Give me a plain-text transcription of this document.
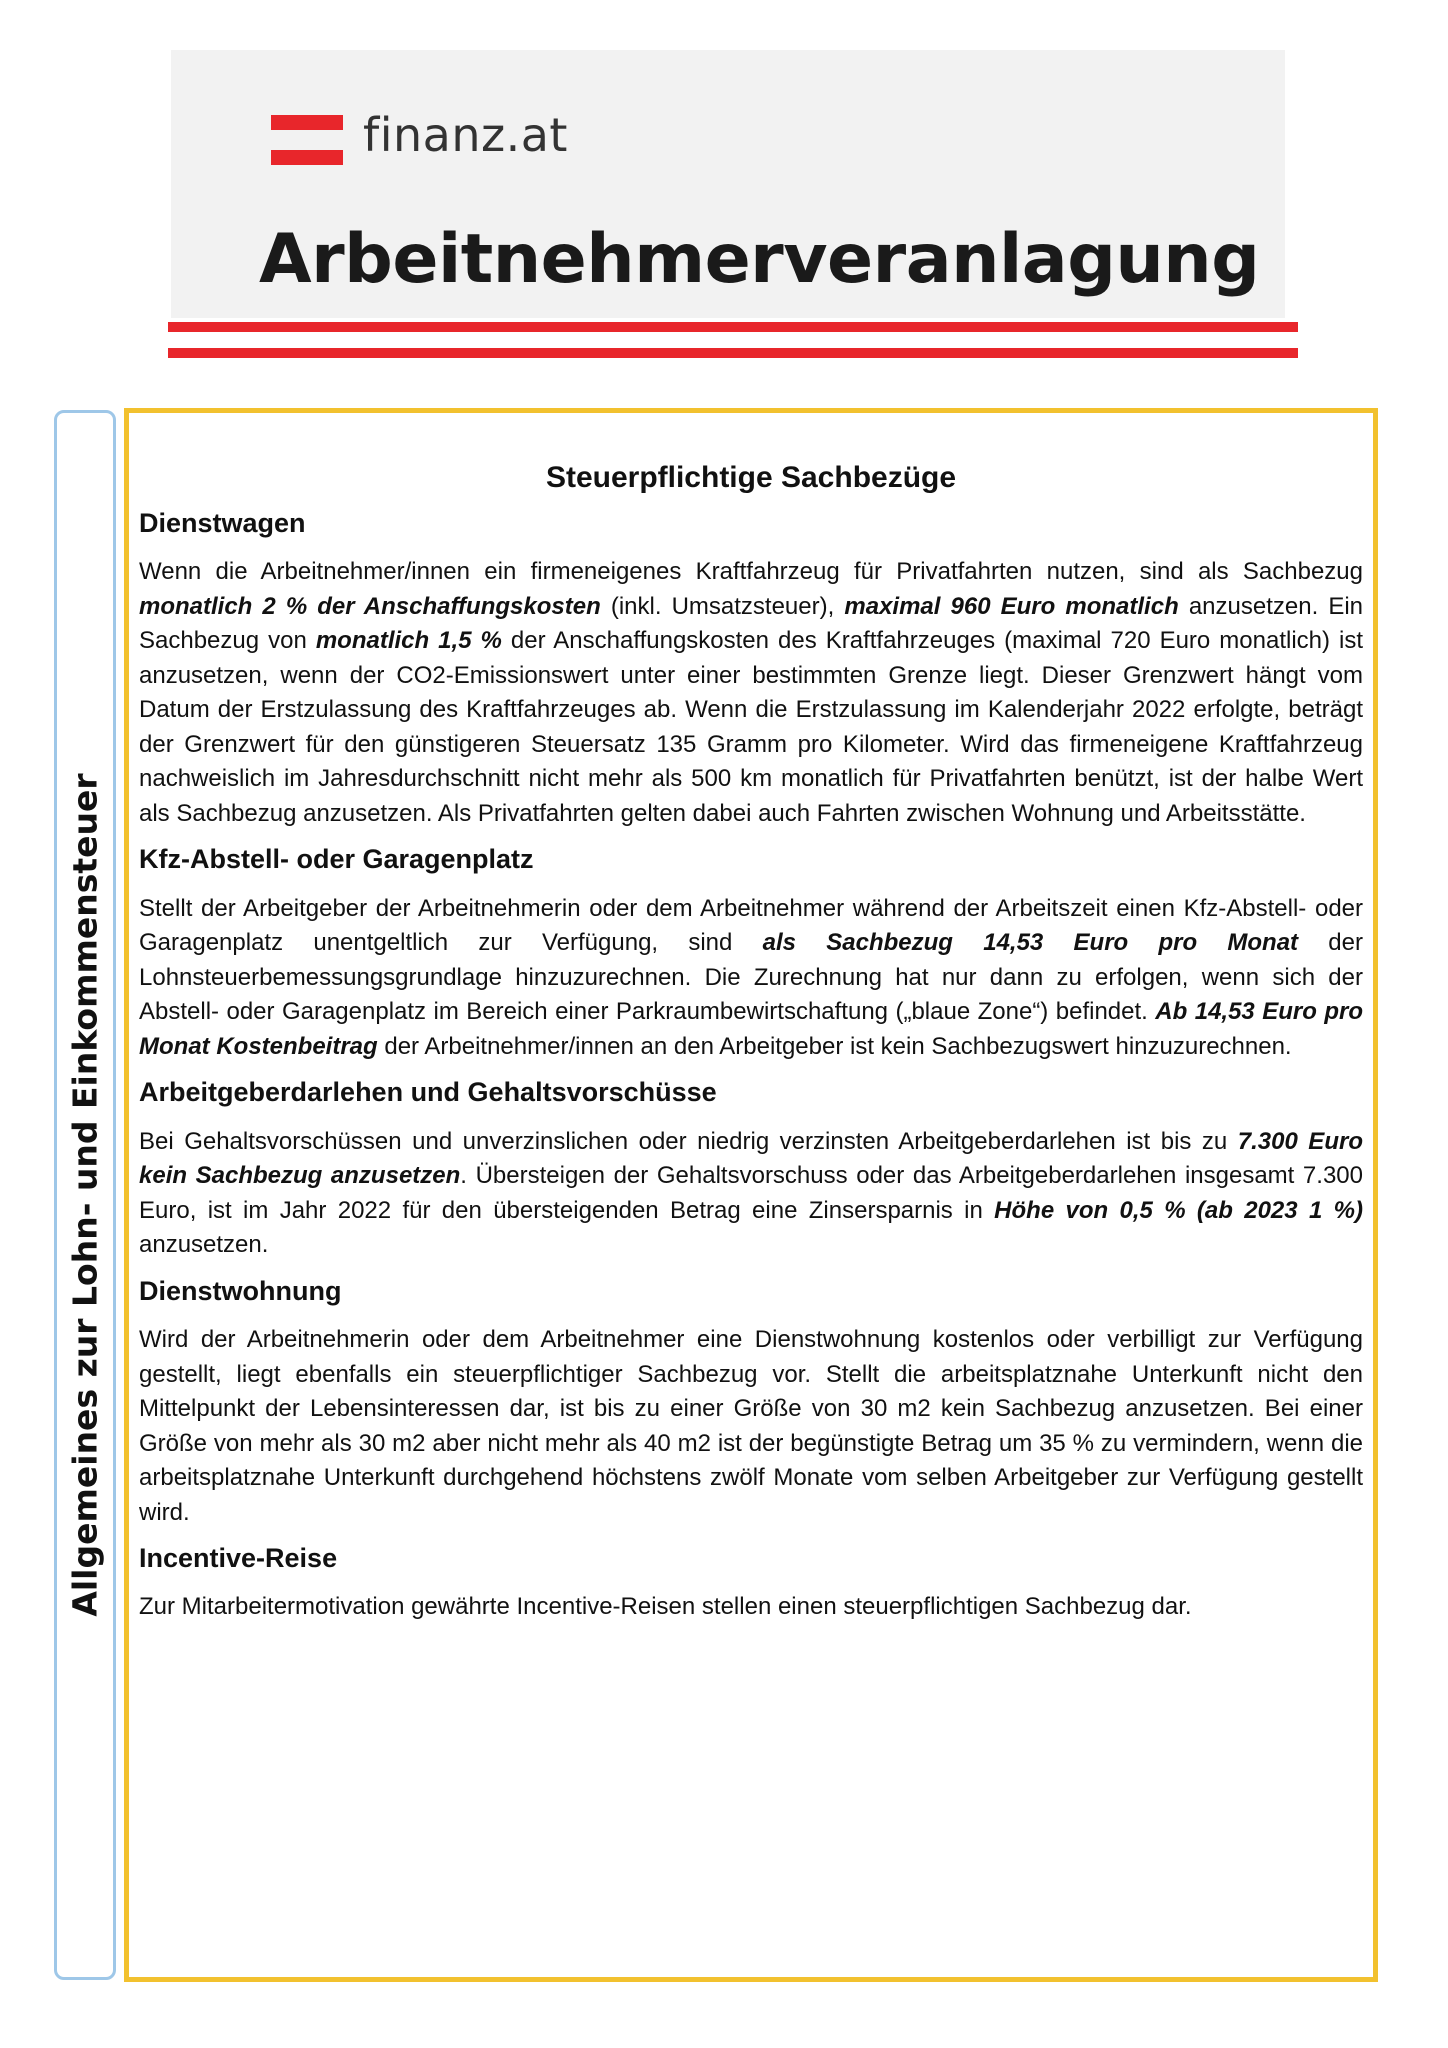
finanz.at
Arbeitnehmerveranlagung
Allgemeines zur Lohn- und Einkommensteuer
Steuerpflichtige Sachbezüge
Dienstwagen

Wenn die Arbeitnehmer/innen ein firmeneigenes Kraftfahrzeug für Privatfahrten nutzen, sind als Sachbezug monatlich 2 % der Anschaffungskosten (inkl. Umsatzsteuer), maximal 960 Euro monatlich anzusetzen. Ein Sachbezug von monatlich 1,5 % der Anschaffungskosten des Kraftfahrzeuges (maximal 720 Euro monatlich) ist anzusetzen, wenn der CO2-Emissionswert unter einer bestimmten Grenze liegt. Dieser Grenzwert hängt vom Datum der Erstzulassung des Kraftfahrzeuges ab. Wenn die Erstzulassung im Kalenderjahr 2022 erfolgte, beträgt der Grenzwert für den günstigeren Steuersatz 135 Gramm pro Kilometer. Wird das firmeneigene Kraftfahrzeug nachweislich im Jahresdurchschnitt nicht mehr als 500 km monatlich für Privatfahrten benützt, ist der halbe Wert als Sachbezug anzusetzen. Als Privatfahrten gelten dabei auch Fahrten zwischen Wohnung und Arbeitsstätte.

Kfz-Abstell- oder Garagenplatz

Stellt der Arbeitgeber der Arbeitnehmerin oder dem Arbeitnehmer während der Arbeitszeit einen Kfz-Abstell- oder Garagenplatz unentgeltlich zur Verfügung, sind als Sachbezug 14,53 Euro pro Monat der Lohnsteuerbemessungsgrundlage hinzuzurechnen. Die Zurechnung hat nur dann zu erfolgen, wenn sich der Abstell- oder Garagenplatz im Bereich einer Parkraumbewirtschaftung („blaue Zone“) befindet. Ab 14,53 Euro pro Monat Kostenbeitrag der Arbeitnehmer/innen an den Arbeitgeber ist kein Sachbezugswert hinzuzurechnen.

Arbeitgeberdarlehen und Gehaltsvorschüsse

Bei Gehaltsvorschüssen und unverzinslichen oder niedrig verzinsten Arbeitgeberdarlehen ist bis zu 7.300 Euro kein Sachbezug anzusetzen. Übersteigen der Gehaltsvorschuss oder das Arbeitgeberdarlehen insgesamt 7.300 Euro, ist im Jahr 2022 für den übersteigenden Betrag eine Zinsersparnis in Höhe von 0,5 % (ab 2023 1 %) anzusetzen.

Dienstwohnung

Wird der Arbeitnehmerin oder dem Arbeitnehmer eine Dienstwohnung kostenlos oder verbilligt zur Verfügung gestellt, liegt ebenfalls ein steuerpflichtiger Sachbezug vor. Stellt die arbeitsplatznahe Unterkunft nicht den Mittelpunkt der Lebensinteressen dar, ist bis zu einer Größe von 30 m2 kein Sachbezug anzusetzen. Bei einer Größe von mehr als 30 m2 aber nicht mehr als 40 m2 ist der begünstigte Betrag um 35 % zu vermindern, wenn die arbeitsplatznahe Unterkunft durchgehend höchstens zwölf Monate vom selben Arbeitgeber zur Verfügung gestellt wird.

Incentive-Reise

Zur Mitarbeitermotivation gewährte Incentive-Reisen stellen einen steuerpflichtigen Sachbezug dar.
